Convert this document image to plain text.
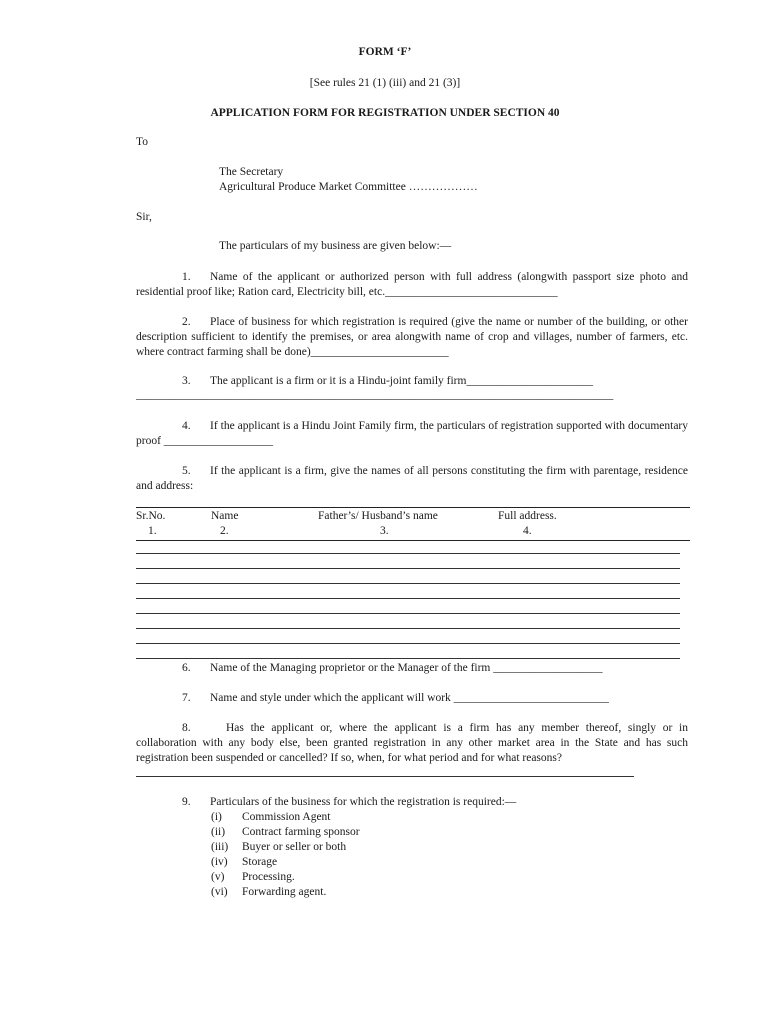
FORM ‘F’
[See rules 21 (1) (iii) and 21 (3)]
APPLICATION FORM FOR REGISTRATION UNDER SECTION 40
To
The Secretary
Agricultural Produce Market Committee ………………
Sir,
The particulars of my business are given below:—
1. Name of the applicant or authorized person with full address (alongwith passport size photo and residential proof like; Ration card, Electricity bill, etc.______________________________
2. Place of business for which registration is required (give the name or number of the building, or other description sufficient to identify the premises, or area alongwith name of crop and villages, number of farmers, etc. where contract farming shall be done)________________________
3. The applicant is a firm or it is a Hindu-joint family firm______________________
___________________________________________________________________________________
4. If the applicant is a Hindu Joint Family firm, the particulars of registration supported with documentary proof ___________________
5. If the applicant is a firm, give the names of all persons constituting the firm with parentage, residence and address:
Sr.No.	Name	Father’s/ Husband’s name	Full address.
1.	2.	3.	4.
6. Name of the Managing proprietor or the Manager of the firm ___________________
7. Name and style under which the applicant will work ___________________________
8.	Has the applicant or, where the applicant is a firm has any member thereof, singly or in collaboration with any body else, been granted registration in any other market area in the State and has such registration been suspended or cancelled? If so, when, for what period and for what reasons?
9. Particulars of the business for which the registration is required:—
(i)	Commission Agent
(ii)	Contract farming sponsor
(iii)	Buyer or seller or both
(iv)	Storage
(v)	Processing.
(vi)	Forwarding agent.
